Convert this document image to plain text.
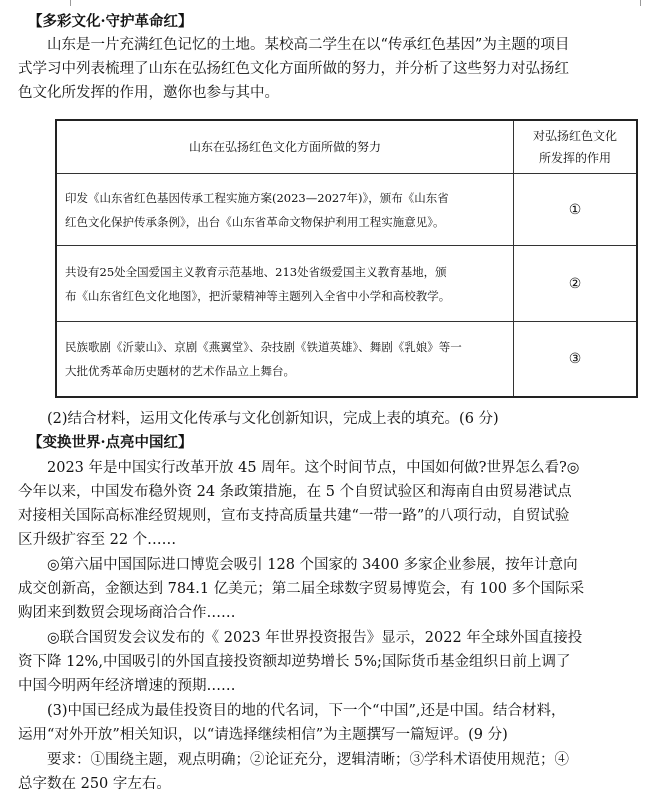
【多彩文化·守护革命红】
山东是一片充满红色记忆的土地。某校高二学生在以“传承红色基因”为主题的项目
式学习中列表梳理了山东在弘扬红色文化方面所做的努力，并分析了这些努力对弘扬红
色文化所发挥的作用，邀你也参与其中。
山东在弘扬红色文化方面所做的努力	对弘扬红色文化
所发挥的作用

印发《山东省红色基因传承工程实施方案(2023—2027年)》，颁布《山东省
红色文化保护传承条例》，出台《山东省革命文物保护利用工程实施意见》。	①

共设有25处全国爱国主义教育示范基地、213处省级爱国主义教育基地，颁
布《山东省红色文化地图》，把沂蒙精神等主题列入全省中小学和高校教学。	②

民族歌剧《沂蒙山》、京剧《燕翼堂》、杂技剧《铁道英雄》、舞剧《乳娘》等一
大批优秀革命历史题材的艺术作品立上舞台。	③
(2)结合材料，运用文化传承与文化创新知识，完成上表的填充。(6 分)
【变换世界·点亮中国红】
2023 年是中国实行改革开放 45 周年。这个时间节点，中国如何做?世界怎么看?◎
今年以来，中国发布稳外资 24 条政策措施，在 5 个自贸试验区和海南自由贸易港试点
对接相关国际高标准经贸规则，宣布支持高质量共建“一带一路”的八项行动，自贸试验
区升级扩容至 22 个……
◎第六届中国国际进口博览会吸引 128 个国家的 3400 多家企业参展，按年计意向
成交创新高，金额达到 784.1 亿美元；第二届全球数字贸易博览会，有 100 多个国际采
购团来到数贸会现场商洽合作……
◎联合国贸发会议发布的《 2023 年世界投资报告》显示，2022 年全球外国直接投
资下降 12%,中国吸引的外国直接投资额却逆势增长 5%;国际货币基金组织日前上调了
中国今明两年经济增速的预期……
(3)中国已经成为最佳投资目的地的代名词，下一个“中国”,还是中国。结合材料，
运用“对外开放”相关知识，以“请选择继续相信”为主题撰写一篇短评。(9 分)
要求：①围绕主题，观点明确；②论证充分，逻辑清晰；③学科术语使用规范；④
总字数在 250 字左右。
